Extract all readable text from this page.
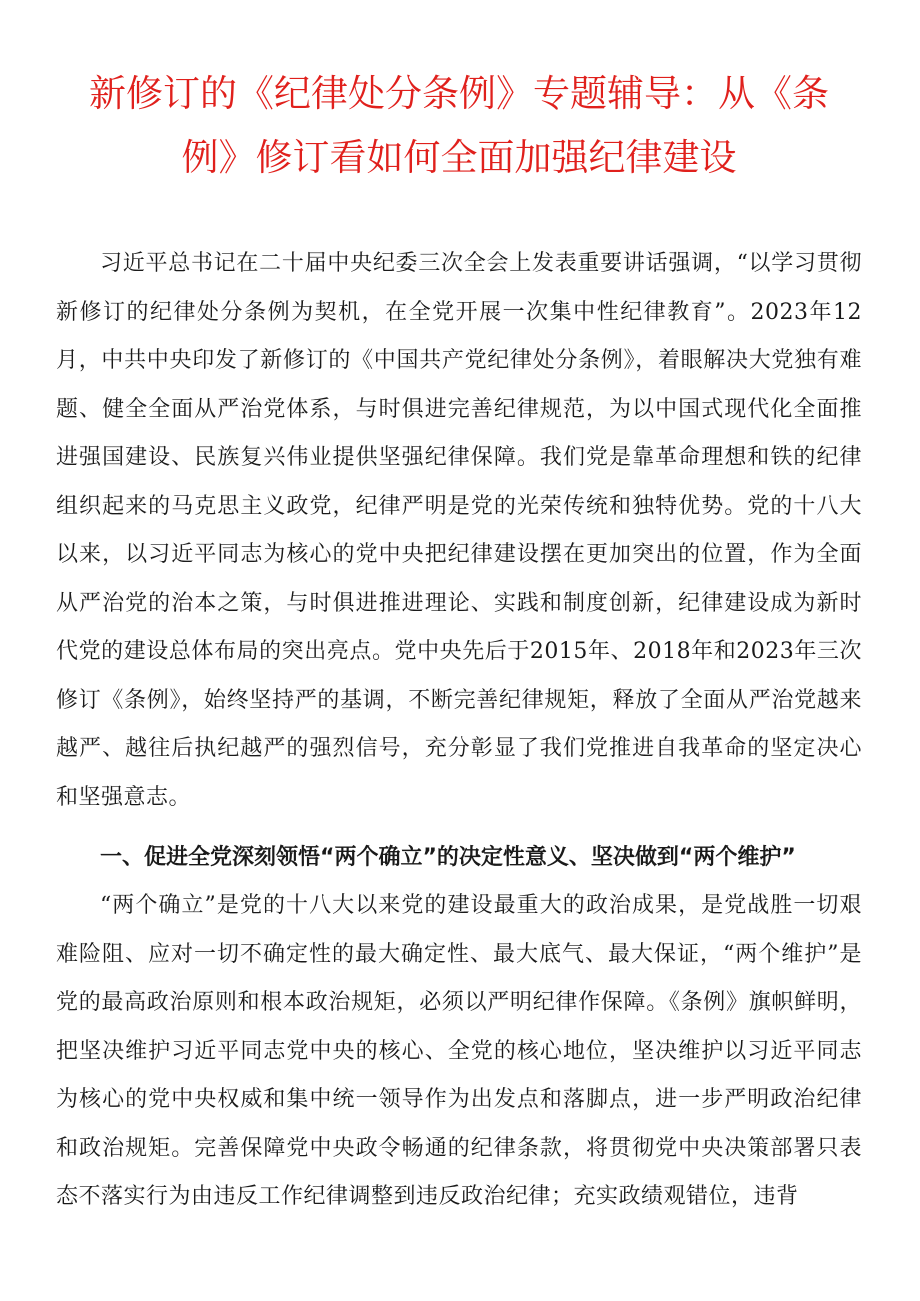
新修订的《纪律处分条例》专题辅导：从《条例》修订看如何全面加强纪律建设

习近平总书记在二十届中央纪委三次全会上发表重要讲话强调，“以学习贯彻新修订的纪律处分条例为契机，在全党开展一次集中性纪律教育”。2023年12月，中共中央印发了新修订的《中国共产党纪律处分条例》，着眼解决大党独有难题、健全全面从严治党体系，与时俱进完善纪律规范，为以中国式现代化全面推进强国建设、民族复兴伟业提供坚强纪律保障。我们党是靠革命理想和铁的纪律组织起来的马克思主义政党，纪律严明是党的光荣传统和独特优势。党的十八大以来，以习近平同志为核心的党中央把纪律建设摆在更加突出的位置，作为全面从严治党的治本之策，与时俱进推进理论、实践和制度创新，纪律建设成为新时代党的建设总体布局的突出亮点。党中央先后于2015年、2018年和2023年三次修订《条例》，始终坚持严的基调，不断完善纪律规矩，释放了全面从严治党越来越严、越往后执纪越严的强烈信号，充分彰显了我们党推进自我革命的坚定决心和坚强意志。

一、促进全党深刻领悟“两个确立”的决定性意义、坚决做到“两个维护”

“两个确立”是党的十八大以来党的建设最重大的政治成果，是党战胜一切艰难险阻、应对一切不确定性的最大确定性、最大底气、最大保证，“两个维护”是党的最高政治原则和根本政治规矩，必须以严明纪律作保障。《条例》旗帜鲜明，把坚决维护习近平同志党中央的核心、全党的核心地位，坚决维护以习近平同志为核心的党中央权威和集中统一领导作为出发点和落脚点，进一步严明政治纪律和政治规矩。完善保障党中央政令畅通的纪律条款，将贯彻党中央决策部署只表态不落实行为由违反工作纪律调整到违反政治纪律；充实政绩观错位，违背
